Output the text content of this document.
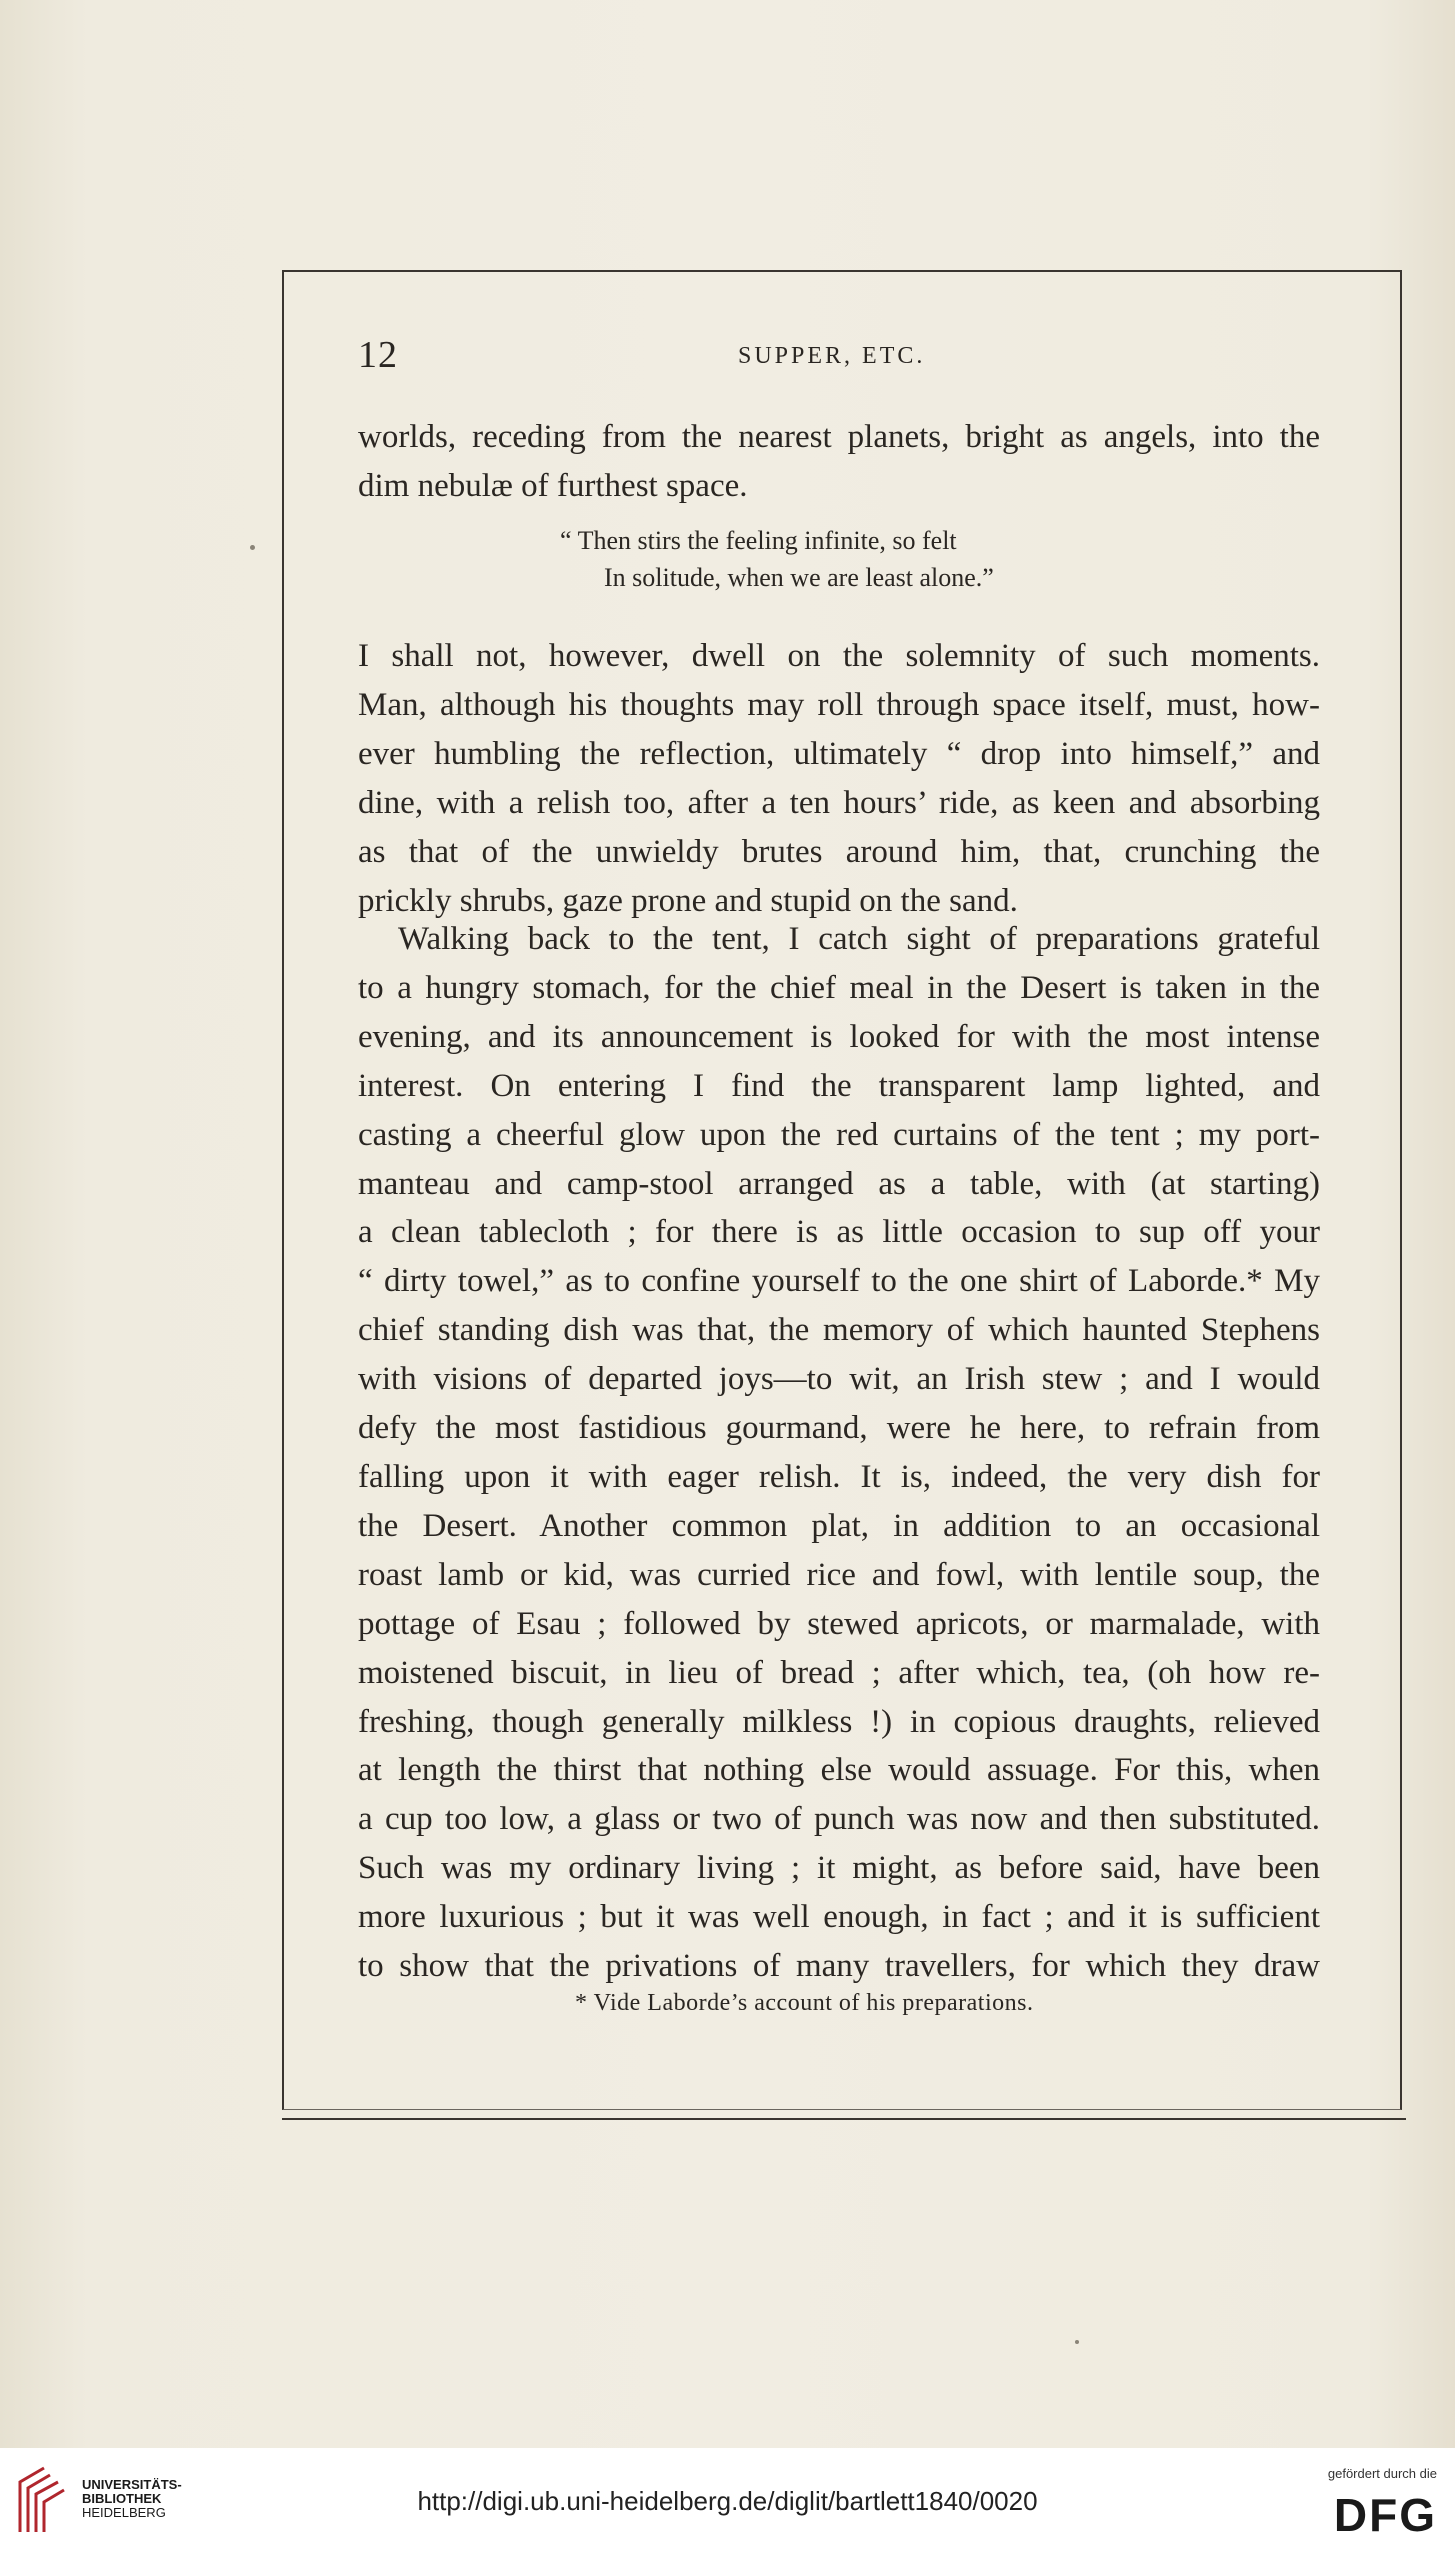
12	SUPPER, ETC.
worlds, receding from the nearest planets, bright as angels, into the
dim nebulæ of furthest space.
“ Then stirs the feeling infinite, so felt
In solitude, when we are least alone.”
I shall not, however, dwell on the solemnity of such moments.
Man, although his thoughts may roll through space itself, must, how-
ever humbling the reflection, ultimately “ drop into himself,” and
dine, with a relish too, after a ten hours’ ride, as keen and absorbing
as that of the unwieldy brutes around him, that, crunching the
prickly shrubs, gaze prone and stupid on the sand.
Walking back to the tent, I catch sight of preparations grateful
to a hungry stomach, for the chief meal in the Desert is taken in the
evening, and its announcement is looked for with the most intense
interest. On entering I find the transparent lamp lighted, and
casting a cheerful glow upon the red curtains of the tent ; my port-
manteau and camp-stool arranged as a table, with (at starting)
a clean tablecloth ; for there is as little occasion to sup off your
“ dirty towel,” as to confine yourself to the one shirt of Laborde.* My
chief standing dish was that, the memory of which haunted Stephens
with visions of departed joys—to wit, an Irish stew ; and I would
defy the most fastidious gourmand, were he here, to refrain from
falling upon it with eager relish. It is, indeed, the very dish for
the Desert. Another common plat, in addition to an occasional
roast lamb or kid, was curried rice and fowl, with lentile soup, the
pottage of Esau ; followed by stewed apricots, or marmalade, with
moistened biscuit, in lieu of bread ; after which, tea, (oh how re-
freshing, though generally milkless !) in copious draughts, relieved
at length the thirst that nothing else would assuage. For this, when
a cup too low, a glass or two of punch was now and then substituted.
Such was my ordinary living ; it might, as before said, have been
more luxurious ; but it was well enough, in fact ; and it is sufficient
to show that the privations of many travellers, for which they draw
* Vide Laborde’s account of his preparations.
UNIVERSITÄTS-
BIBLIOTHEK
HEIDELBERG	http://digi.ub.uni-heidelberg.de/diglit/bartlett1840/0020
gefördert durch die
DFG
